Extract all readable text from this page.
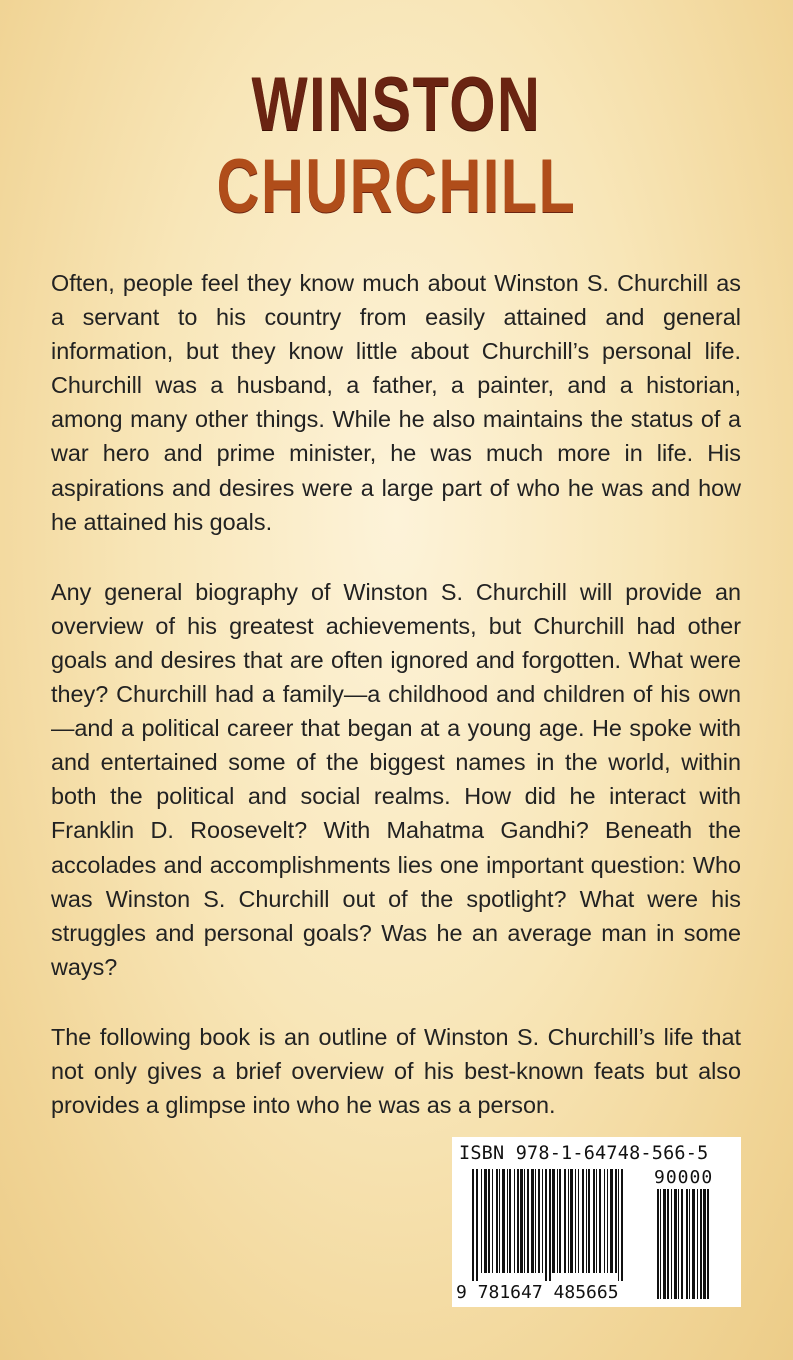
WINSTON
CHURCHILL

Often, people feel they know much about Winston S. Churchill as a servant to his country from easily attained and general information, but they know little about Churchill’s personal life. Churchill was a husband, a father, a painter, and a historian, among many other things. While he also maintains the status of a war hero and prime minister, he was much more in life. His aspirations and desires were a large part of who he was and how he attained his goals.

Any general biography of Winston S. Churchill will provide an overview of his greatest achievements, but Churchill had other goals and desires that are often ignored and forgotten. What were they? Churchill had a family—a childhood and children of his own—and a political career that began at a young age. He spoke with and entertained some of the biggest names in the world, within both the political and social realms. How did he interact with Franklin D. Roosevelt? With Mahatma Gandhi? Beneath the accolades and accomplishments lies one important question: Who was Winston S. Churchill out of the spotlight? What were his struggles and personal goals? Was he an average man in some ways?

The following book is an outline of Winston S. Churchill’s life that not only gives a brief overview of his best-known feats but also provides a glimpse into who he was as a person.

ISBN 978-1-64748-566-5
90000
9 781647 485665
